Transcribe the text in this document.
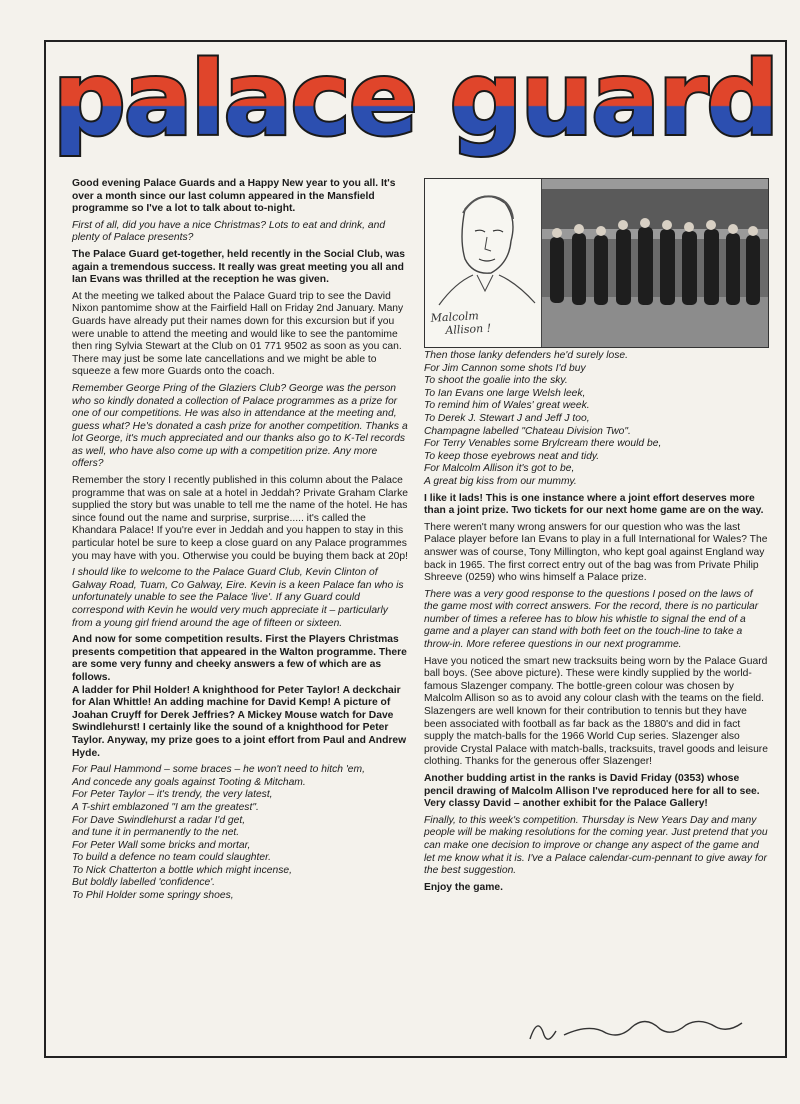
palace guard

Good evening Palace Guards and a Happy New year to you all. It's over a month since our last column appeared in the Mansfield programme so I've a lot to talk about to-night.

First of all, did you have a nice Christmas? Lots to eat and drink, and plenty of Palace presents?

The Palace Guard get-together, held recently in the Social Club, was again a tremendous success. It really was great meeting you all and Ian Evans was thrilled at the reception he was given.

At the meeting we talked about the Palace Guard trip to see the David Nixon pantomime show at the Fairfield Hall on Friday 2nd January. Many Guards have already put their names down for this excursion but if you were unable to attend the meeting and would like to see the pantomime then ring Sylvia Stewart at the Club on 01 771 9502 as soon as you can. There may just be some late cancellations and we might be able to squeeze a few more Guards onto the coach.

Remember George Pring of the Glaziers Club? George was the person who so kindly donated a collection of Palace programmes as a prize for one of our competitions. He was also in attendance at the meeting and, guess what? He's donated a cash prize for another competition. Thanks a lot George, it's much appreciated and our thanks also go to K-Tel records as well, who have also come up with a competition prize. Any more offers?

Remember the story I recently published in this column about the Palace programme that was on sale at a hotel in Jeddah? Private Graham Clarke supplied the story but was unable to tell me the name of the hotel. He has since found out the name and surprise, surprise..... it's called the Khandara Palace! If you're ever in Jeddah and you happen to stay in this particular hotel be sure to keep a close guard on any Palace programmes you may have with you. Otherwise you could be buying them back at 20p!

I should like to welcome to the Palace Guard Club, Kevin Clinton of Galway Road, Tuam, Co Galway, Eire. Kevin is a keen Palace fan who is unfortunately unable to see the Palace 'live'. If any Guard could correspond with Kevin he would very much appreciate it – particularly from a young girl friend around the age of fifteen or sixteen.

And now for some competition results. First the Players Christmas presents competition that appeared in the Walton programme. There are some very funny and cheeky answers a few of which are as follows.
A ladder for Phil Holder! A knighthood for Peter Taylor! A deckchair for Alan Whittle! An adding machine for David Kemp! A picture of Joahan Cruyff for Derek Jeffries? A Mickey Mouse watch for Dave Swindlehurst! I certainly like the sound of a knighthood for Peter Taylor. Anyway, my prize goes to a joint effort from Paul and Andrew Hyde.

For Paul Hammond – some braces – he won't need to hitch 'em,
And concede any goals against Tooting & Mitcham.
For Peter Taylor – it's trendy, the very latest,
A T-shirt emblazoned "I am the greatest".
For Dave Swindlehurst a radar I'd get,
and tune it in permanently to the net.
For Peter Wall some bricks and mortar,
To build a defence no team could slaughter.
To Nick Chatterton a bottle which might incense,
But boldly labelled 'confidence'.
To Phil Holder some springy shoes,

Malcolm
Allison !

Then those lanky defenders he'd surely lose.
For Jim Cannon some shots I'd buy
To shoot the goalie into the sky.
To Ian Evans one large Welsh leek,
To remind him of Wales' great week.
To Derek J. Stewart J and Jeff J too,
Champagne labelled "Chateau Division Two".
For Terry Venables some Brylcream there would be,
To keep those eyebrows neat and tidy.
For Malcolm Allison it's got to be,
A great big kiss from our mummy.

I like it lads! This is one instance where a joint effort deserves more than a joint prize. Two tickets for our next home game are on the way.

There weren't many wrong answers for our question who was the last Palace player before Ian Evans to play in a full International for Wales? The answer was of course, Tony Millington, who kept goal against England way back in 1965. The first correct entry out of the bag was from Private Philip Shreeve (0259) who wins himself a Palace prize.

There was a very good response to the questions I posed on the laws of the game most with correct answers. For the record, there is no particular number of times a referee has to blow his whistle to signal the end of a game and a player can stand with both feet on the touch-line to take a throw-in. More referee questions in our next programme.

Have you noticed the smart new tracksuits being worn by the Palace Guard ball boys. (See above picture). These were kindly supplied by the world-famous Slazenger company. The bottle-green colour was chosen by Malcolm Allison so as to avoid any colour clash with the teams on the field. Slazengers are well known for their contribution to tennis but they have been associated with football as far back as the 1880's and did in fact supply the match-balls for the 1966 World Cup series. Slazenger also provide Crystal Palace with match-balls, tracksuits, travel goods and leisure clothing. Thanks for the generous offer Slazenger!

Another budding artist in the ranks is David Friday (0353) whose pencil drawing of Malcolm Allison I've reproduced here for all to see. Very classy David – another exhibit for the Palace Gallery!

Finally, to this week's competition. Thursday is New Years Day and many people will be making resolutions for the coming year. Just pretend that you can make one decision to improve or change any aspect of the game and let me know what it is. I've a Palace calendar-cum-pennant to give away for the best suggestion.

Enjoy the game.
